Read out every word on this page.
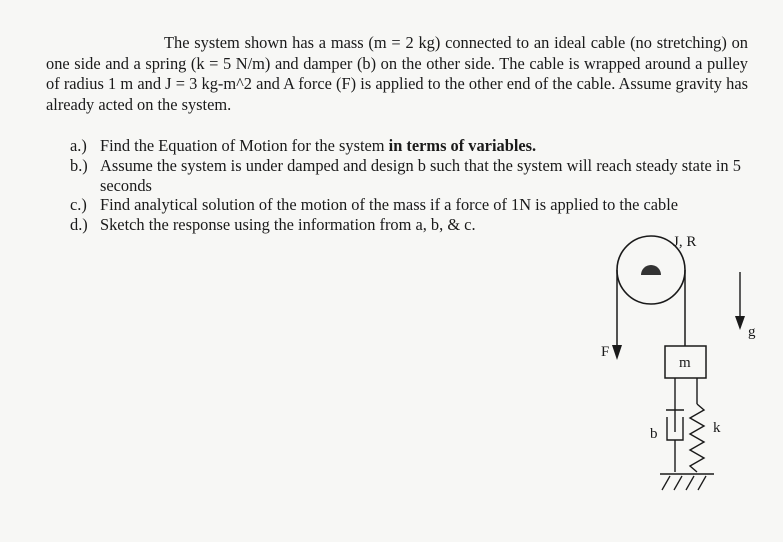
The system shown has a mass (m = 2 kg) connected to an ideal cable (no stretching) on one side and a spring (k = 5 N/m) and damper (b) on the other side. The cable is wrapped around a pulley of radius 1 m and J = 3 kg-m^2 and A force (F) is applied to the other end of the cable. Assume gravity has already acted on the system.

a.) Find the Equation of Motion for the system in terms of variables.
b.) Assume the system is under damped and design b such that the system will reach steady state in 5 seconds
c.) Find analytical solution of the motion of the mass if a force of 1N is applied to the cable
d.) Sketch the response using the information from a, b, & c.
J, R
F
g
m
b	k
